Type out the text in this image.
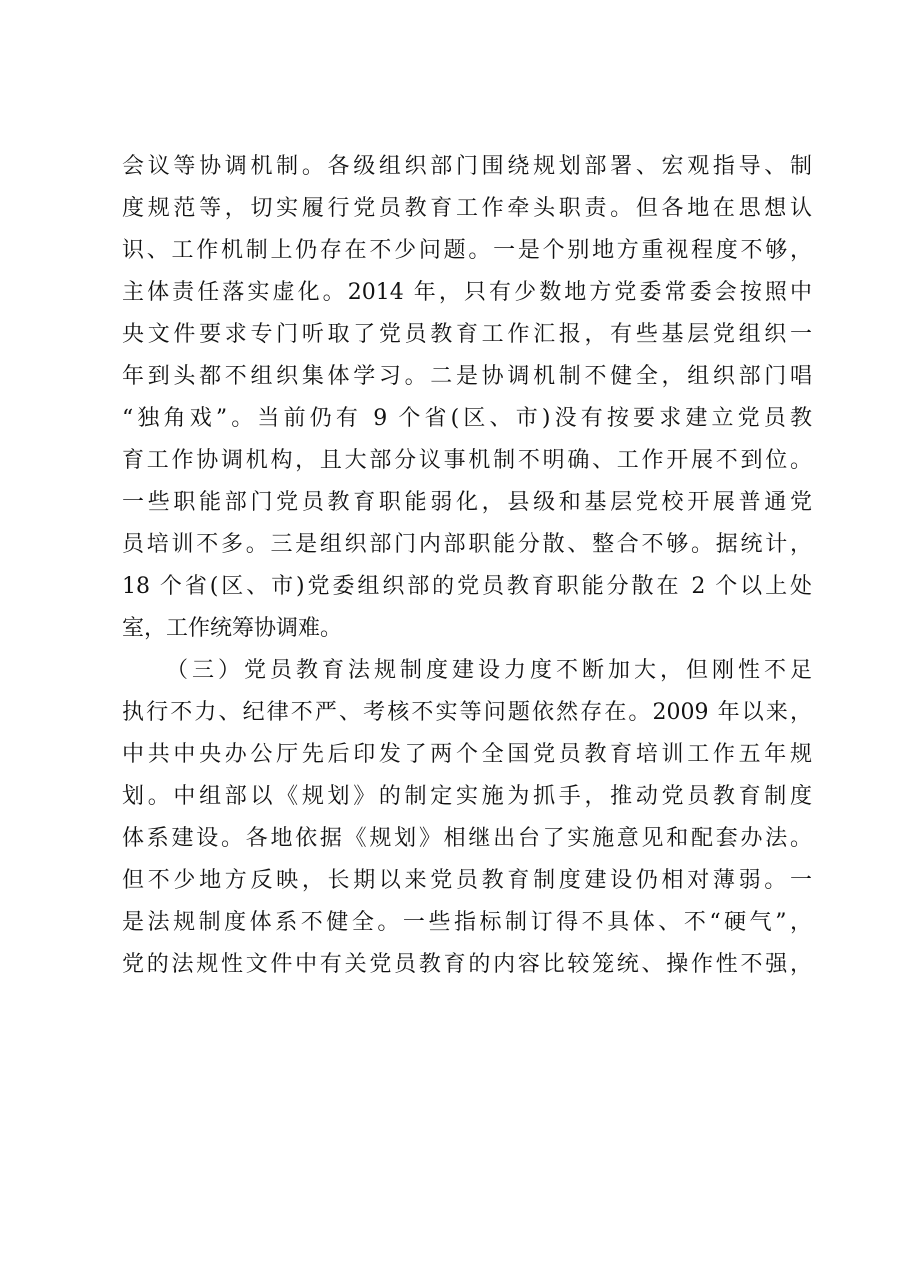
会议等协调机制。各级组织部门围绕规划部署、宏观指导、制
度规范等，切实履行党员教育工作牵头职责。但各地在思想认
识、工作机制上仍存在不少问题。一是个别地方重视程度不够，
主体责任落实虚化。2014 年，只有少数地方党委常委会按照中
央文件要求专门听取了党员教育工作汇报，有些基层党组织一
年到头都不组织集体学习。二是协调机制不健全，组织部门唱
“独角戏”。当前仍有 9 个省(区、市)没有按要求建立党员教
育工作协调机构，且大部分议事机制不明确、工作开展不到位。
一些职能部门党员教育职能弱化，县级和基层党校开展普通党
员培训不多。三是组织部门内部职能分散、整合不够。据统计，
18 个省(区、市)党委组织部的党员教育职能分散在 2 个以上处
室，工作统筹协调难。
（三）党员教育法规制度建设力度不断加大，但刚性不足
执行不力、纪律不严、考核不实等问题依然存在。2009 年以来，
中共中央办公厅先后印发了两个全国党员教育培训工作五年规
划。中组部以《规划》的制定实施为抓手，推动党员教育制度
体系建设。各地依据《规划》相继出台了实施意见和配套办法。
但不少地方反映，长期以来党员教育制度建设仍相对薄弱。一
是法规制度体系不健全。一些指标制订得不具体、不“硬气”，
党的法规性文件中有关党员教育的内容比较笼统、操作性不强，
